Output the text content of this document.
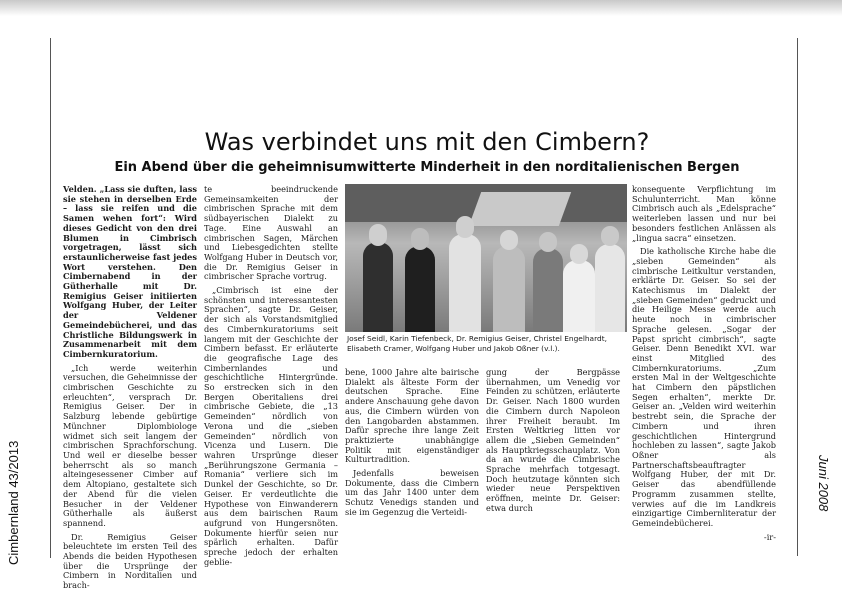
Cimbernland 43/2013	Juni 2008
Was verbindet uns mit den Cimbern?
Ein Abend über die geheimnisumwitterte Minderheit in den norditalienischen Bergen

Velden. „Lass sie duften, lass sie stehen in derselben Erde – lass sie reifen und die Samen wehen fort“: Wird dieses Gedicht von den drei Blumen in Cimbrisch vorgetragen, lässt sich erstaunlicherweise fast jedes Wort verstehen. Den Cimbernabend in der Gütherhalle mit Dr. Remigius Geiser initiierten Wolfgang Huber, der Leiter der Veldener Gemeindebücherei, und das Christliche Bildungswerk in Zusammenarbeit mit dem Cimbernkuratorium.

„Ich werde weiterhin versuchen, die Geheimnisse der cimbrischen Geschichte zu erleuchten“, versprach Dr. Remigius Geiser. Der in Salzburg lebende gebürtige Münchner Diplombiologe widmet sich seit langem der cimbrischen Sprachforschung. Und weil er dieselbe besser beherrscht als so manch alteingesessener Cimber auf dem Altopiano, gestaltete sich der Abend für die vielen Besucher in der Veldener Gütherhalle als äußerst spannend.

Dr. Remigius Geiser beleuchtete im ersten Teil des Abends die beiden Hypothesen über die Ursprünge der Cimbern in Norditalien und brach-

te beeindruckende Gemeinsamkeiten der cimbrischen Sprache mit dem südbayerischen Dialekt zu Tage. Eine Auswahl an cimbrischen Sagen, Märchen und Liebesgedichten stellte Wolfgang Huber in Deutsch vor, die Dr. Remigius Geiser in cimbrischer Sprache vortrug.

„Cimbrisch ist eine der schönsten und interessantesten Sprachen“, sagte Dr. Geiser, der sich als Vorstandsmitglied des Cimbernkuratoriums seit langem mit der Geschichte der Cimbern befasst. Er erläuterte die geografische Lage des Cimbernlandes und geschichtliche Hintergründe. So erstrecken sich in den Bergen Oberitaliens drei cimbrische Gebiete, die „13 Gemeinden“ nördlich von Verona und die „sieben Gemeinden“ nördlich von Vicenza und Lusern. Die wahren Ursprünge dieser „Berührungszone Germania – Romania“ verliere sich im Dunkel der Geschichte, so Dr. Geiser. Er verdeutlichte die Hypothese von Einwanderern aus dem bairischen Raum aufgrund von Hungersnöten. Dokumente hierfür seien nur spärlich erhalten. Dafür spreche jedoch der erhalten geblie-

Josef Seidl, Karin Tiefenbeck, Dr. Remigius Geiser, Christel Engelhardt, Elisabeth Cramer, Wolfgang Huber und Jakob Oßner (v.l.).

bene, 1000 Jahre alte bairische Dialekt als älteste Form der deutschen Sprache. Eine andere Anschauung gehe davon aus, die Cimbern würden von den Langobarden abstammen. Dafür spreche ihre lange Zeit praktizierte unabhängige Politik mit eigenständiger Kulturtradition.

Jedenfalls beweisen Dokumente, dass die Cimbern um das Jahr 1400 unter dem Schutz Venedigs standen und sie im Gegenzug die Verteidi-

gung der Bergpässe übernahmen, um Venedig vor Feinden zu schützen, erläuterte Dr. Geiser. Nach 1800 wurden die Cimbern durch Napoleon ihrer Freiheit beraubt. Im Ersten Weltkrieg litten vor allem die „Sieben Gemeinden“ als Hauptkriegsschauplatz. Von da an wurde die Cimbrische Sprache mehrfach totgesagt. Doch heutzutage könnten sich wieder neue Perspektiven eröffnen, meinte Dr. Geiser: etwa durch

konsequente Verpflichtung im Schulunterricht. Man könne Cimbrisch auch als „Edelsprache“ weiterleben lassen und nur bei besonders festlichen Anlässen als „lingua sacra“ einsetzen.

Die katholische Kirche habe die „sieben Gemeinden“ als cimbrische Leitkultur verstanden, erklärte Dr. Geiser. So sei der Katechismus im Dialekt der „sieben Gemeinden“ gedruckt und die Heilige Messe werde auch heute noch in cimbrischer Sprache gelesen. „Sogar der Papst spricht cimbrisch“, sagte Geiser. Denn Benedikt XVI. war einst Mitglied des Cimbernkuratoriums. „Zum ersten Mal in der Weltgeschichte hat Cimbern den päpstlichen Segen erhalten“, merkte Dr. Geiser an. „Velden wird weiterhin bestrebt sein, die Sprache der Cimbern und ihren geschichtlichen Hintergrund hochleben zu lassen“, sagte Jakob Oßner als Partnerschaftsbeauftragter Wolfgang Huber, der mit Dr. Geiser das abendfüllende Programm zusammen stellte, verwies auf die im Landkreis einzigartige Cimbernliteratur der Gemeindebücherei.

-ir-
